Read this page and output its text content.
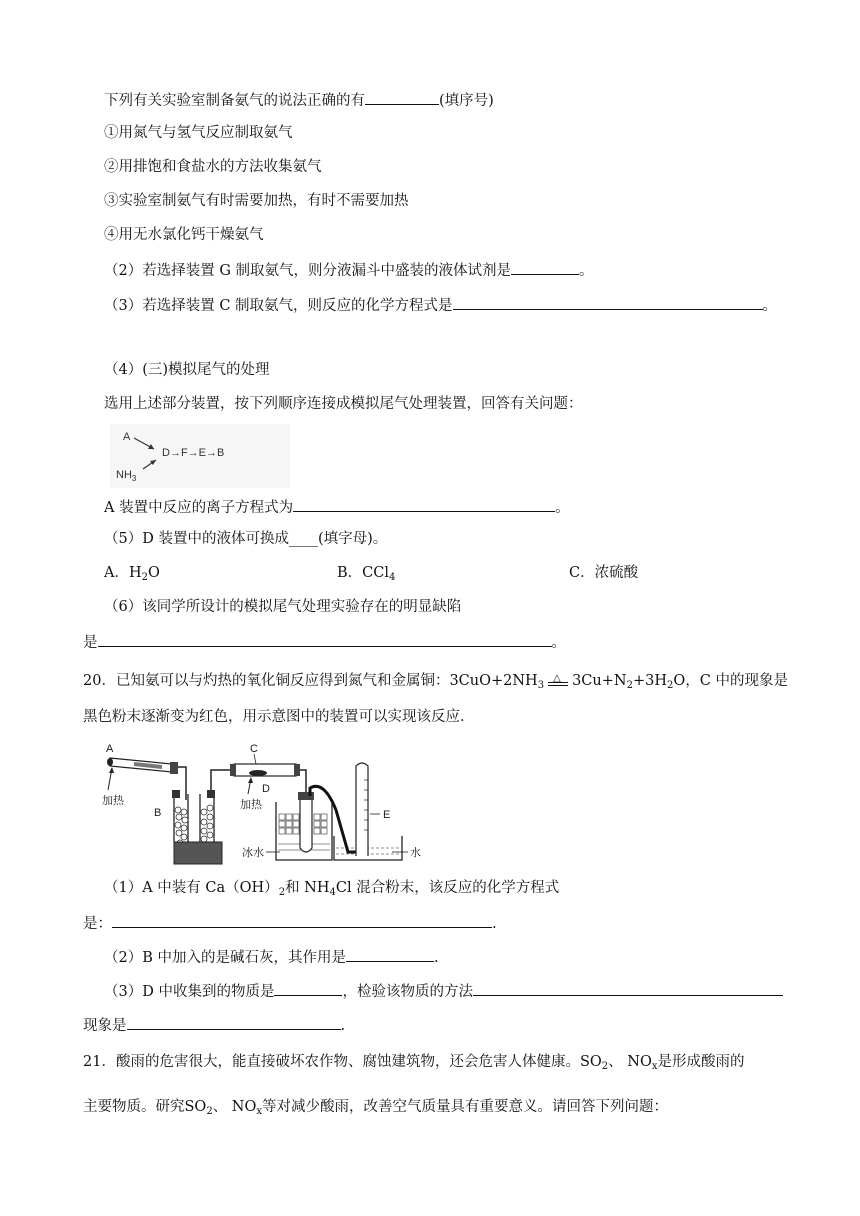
下列有关实验室制备氨气的说法正确的有	(填序号)
①用氮气与氢气反应制取氨气
②用排饱和食盐水的方法收集氨气
③实验室制氨气有时需要加热，有时不需要加热
④用无水氯化钙干燥氨气
（2）若选择装置 G 制取氨气，则分液漏斗中盛装的液体试剂是	。
（3）若选择装置 C 制取氨气，则反应的化学方程式是	。
（4）(三)模拟尾气的处理
选用上述部分装置，按下列顺序连接成模拟尾气处理装置，回答有关问题：
A
D→F→E→B
$NH_3$
A 装置中反应的离子方程式为	。
（5）D 装置中的液体可换成____(填字母)。
A．$H_2O$	B．CCl$_4$	C．浓硫酸
（6）该同学所设计的模拟尾气处理实验存在的明显缺陷
是	。
20．已知氨可以与灼热的氧化铜反应得到氮气和金属铜：$3CuO+2NH_3$
△ $3Cu+N_2+3H_2O$，C 中的现象是
黑色粉末逐渐变为红色，用示意图中的装置可以实现该反应．
A
加热
B
C
加热
D
冰水
E
水
（1）A 中装有 $Ca(OH)_2$和 $NH_4Cl$ 混合粉末，该反应的化学方程式
是：	.
（2）B 中加入的是碱石灰，其作用是	.
（3）D 中收集到的物质是	，检验该物质的方法
现象是	.
21．酸雨的危害很大，能直接破坏农作物、腐蚀建筑物，还会危害人体健康。$SO_2$、 $NO_x$是形成酸雨的
主要物质。研究$SO_2$、 $NO_x$等对减少酸雨，改善空气质量具有重要意义。请回答下列问题：
